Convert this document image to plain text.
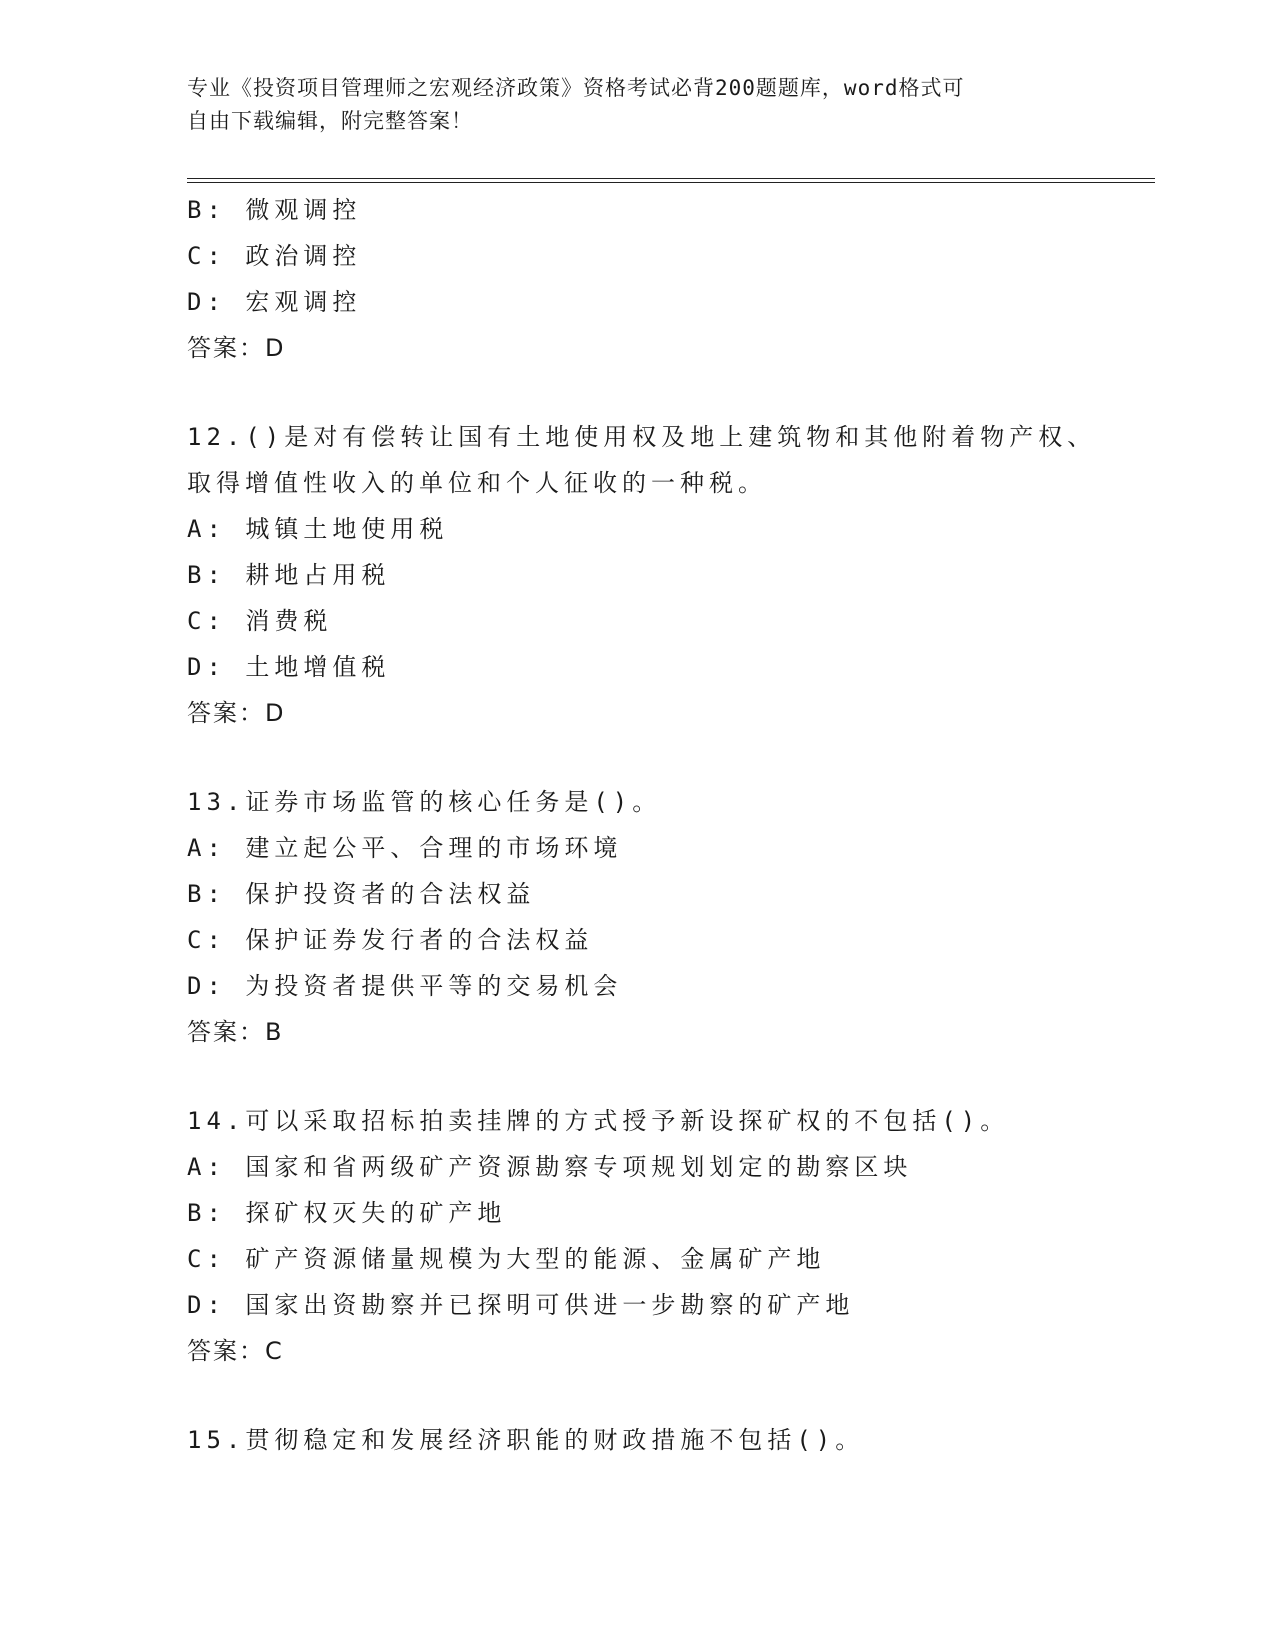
专业《投资项目管理师之宏观经济政策》资格考试必背200题题库，word格式可
自由下载编辑，附完整答案！
B: 微观调控
C: 政治调控
D: 宏观调控
答案：D
12.()是对有偿转让国有土地使用权及地上建筑物和其他附着物产权、
取得增值性收入的单位和个人征收的一种税。
A: 城镇土地使用税
B: 耕地占用税
C: 消费税
D: 土地增值税
答案：D
13.证券市场监管的核心任务是()。
A: 建立起公平、合理的市场环境
B: 保护投资者的合法权益
C: 保护证券发行者的合法权益
D: 为投资者提供平等的交易机会
答案：B
14.可以采取招标拍卖挂牌的方式授予新设探矿权的不包括()。
A: 国家和省两级矿产资源勘察专项规划划定的勘察区块
B: 探矿权灭失的矿产地
C: 矿产资源储量规模为大型的能源、金属矿产地
D: 国家出资勘察并已探明可供进一步勘察的矿产地
答案：C
15.贯彻稳定和发展经济职能的财政措施不包括()。
